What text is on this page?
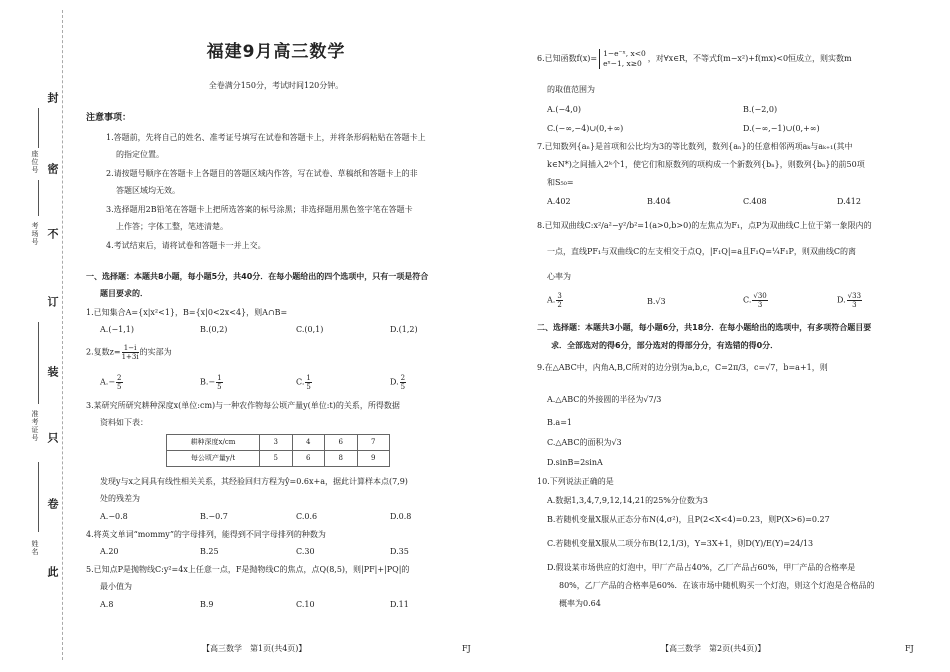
封
密
不
订
装
只
卷
此
座位号
考场号
准考证号
姓名
福建9月高三数学
全卷满分150分，考试时间120分钟。
注意事项：
1.答题前，先将自己的姓名、准考证号填写在试卷和答题卡上，并将条形码粘贴在答题卡上
的指定位置。
2.请按题号顺序在答题卡上各题目的答题区域内作答，写在试卷、草稿纸和答题卡上的非
答题区域均无效。
3.选择题用2B铅笔在答题卡上把所选答案的标号涂黑；非选择题用黑色签字笔在答题卡
上作答；字体工整，笔迹清楚。
4.考试结束后，请将试卷和答题卡一并上交。
一、选择题：本题共8小题，每小题5分，共40分．在每小题给出的四个选项中，只有一项是符合
题目要求的．
1.已知集合A={x|x²<1}，B={x|0<2x<4}，则A∩B=
A.(−1,1)	B.(0,2)	C.(0,1)	D.(1,2)
2.复数$z= \frac{1-i}{1+3i}$ 的实部为
$A.- \frac{2}{5}$	$B.- \frac{1}{5}$	C. $\frac{1}{5}$	D. $\frac{2}{5}$
3.某研究所研究耕种深度x(单位:cm)与一种农作物每公顷产量y(单位:t)的关系，所得数据
资料如下表：
耕种深度x/cm	3	4	6	7
每公顷产量y/t	5	6	8	9
发现y与x之间具有线性相关关系，其经验回归方程为ŷ=0.6x+a，据此计算样本点(7,9)
处的残差为
A.−0.8	B.−0.7	C.0.6	D.0.8
4.将英文单词“mommy”的字母排列，能得到不同字母排列的种数为
A.20	B.25	C.30	D.35
5.已知点P是抛物线C:y²=4x上任意一点，F是抛物线C的焦点，点Q(8,5)，则|PF|+|PQ|的
最小值为
A.8	B.9	C.10	D.11
【高三数学　第1页(共4页)】	FJ
6.已知函数f(x)=
1−e⁻ˣ, x<0
eˣ−1, x≥0
，对∀x∈R，不等式f(m−x²)+f(mx)<0恒成立，则实数m
的取值范围为
A.(−4,0)	B.(−2,0)
C.(−∞,−4)∪(0,+∞)	D.(−∞,−1)∪(0,+∞)
7.已知数列{aₙ}是首项和公比均为3的等比数列，数列{aₙ}的任意相邻两项aₖ与aₖ₊₁(其中
k∈N*)之间插入2ᵏ个1，使它们和原数列的项构成一个新数列{bₙ}，则数列{bₙ}的前50项
和S₅₀=
A.402	B.404	C.408	D.412
8.已知双曲线C:x²/a²−y²/b²=1(a>0,b>0)的左焦点为F₁，点P为双曲线C上位于第一象限内的
一点，直线PF₁与双曲线C的左支相交于点Q，|F₁Q|=a且F₁Q=¼F₁P，则双曲线C的离
心率为
A. $\frac{3}{2}$	B.√3	C. $\frac{√30}{3}$	D. $\frac{√33}{3}$
二、选择题：本题共3小题，每小题6分，共18分．在每小题给出的选项中，有多项符合题目要
求．全部选对的得6分，部分选对的得部分分，有选错的得0分．
9.在△ABC中，内角A,B,C所对的边分别为a,b,c，C=2π/3，c=√7，b=a+1，则
A.△ABC的外接圆的半径为√7/3
B.a=1
C.△ABC的面积为√3
D.sinB=2sinA
10.下列说法正确的是
A.数据1,3,4,7,9,12,14,21的25%分位数为3
B.若随机变量X服从正态分布N(4,σ²)，且P(2<X<4)=0.23，则P(X>6)=0.27
C.若随机变量X服从二项分布B(12,1/3)，Y=3X+1，则D(Y)/E(Y)=24/13
D.假设某市场供应的灯泡中，甲厂产品占40%，乙厂产品占60%，甲厂产品的合格率是
80%，乙厂产品的合格率是60%．在该市场中随机购买一个灯泡，则这个灯泡是合格品的
概率为0.64
【高三数学　第2页(共4页)】	FJ
